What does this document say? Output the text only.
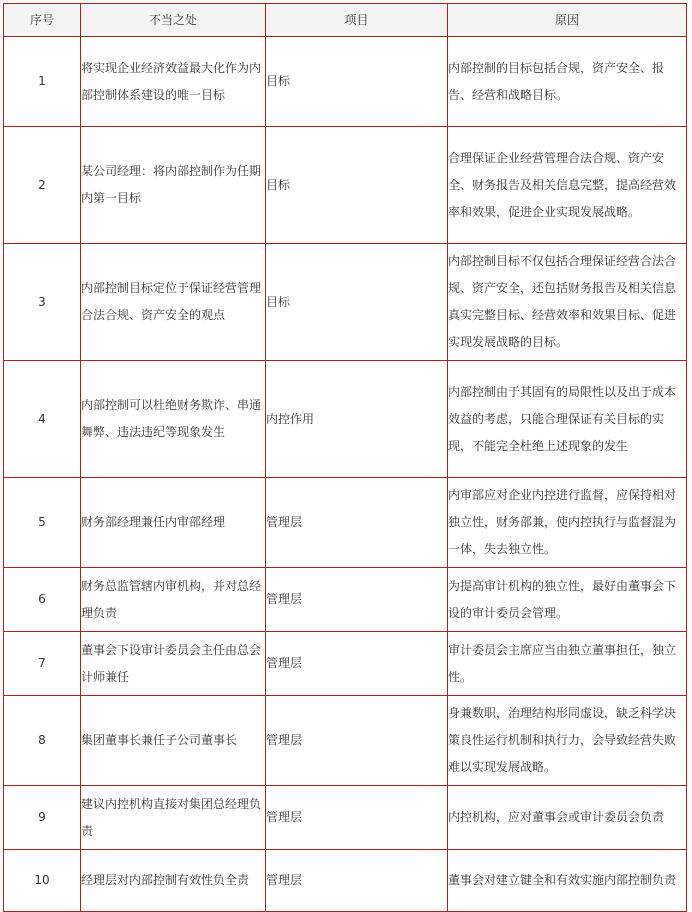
序号	不当之处	项目	原因
1	将实现企业经济效益最大化作为内部控制体系建设的唯一目标	目标	内部控制的目标包括合规，资产安全、报告、经营和战略目标。
2	某公司经理：将内部控制作为任期内第一目标	目标	合理保证企业经营管理合法合规、资产安全、财务报告及相关信息完整，提高经营效率和效果，促进企业实现发展战略。
3	内部控制目标定位于保证经营管理合法合规、资产安全的观点	目标	内部控制目标不仅包括合理保证经营合法合规、资产安全，还包括财务报告及相关信息真实完整目标、经营效率和效果目标、促进实现发展战略的目标。
4	内部控制可以杜绝财务欺诈、串通舞弊、违法违纪等现象发生	内控作用	内部控制由于其固有的局限性以及出于成本效益的考虑，只能合理保证有关目标的实现，不能完全杜绝上述现象的发生
5	财务部经理兼任内审部经理	管理层	内审部应对企业内控进行监督，应保持相对独立性，财务部兼，使内控执行与监督混为一体，失去独立性。
6	财务总监管辖内审机构，并对总经理负责	管理层	为提高审计机构的独立性，最好由董事会下设的审计委员会管理。
7	董事会下设审计委员会主任由总会计师兼任	管理层	审计委员会主席应当由独立董事担任，独立性。
8	集团董事长兼任子公司董事长	管理层	身兼数职，治理结构形同虚设，缺乏科学决策良性运行机制和执行力，会导致经营失败难以实现发展战略。
9	建议内控机构直接对集团总经理负责	管理层	内控机构，应对董事会或审计委员会负责
10	经理层对内部控制有效性负全责	管理层	董事会对建立键全和有效实施内部控制负责
